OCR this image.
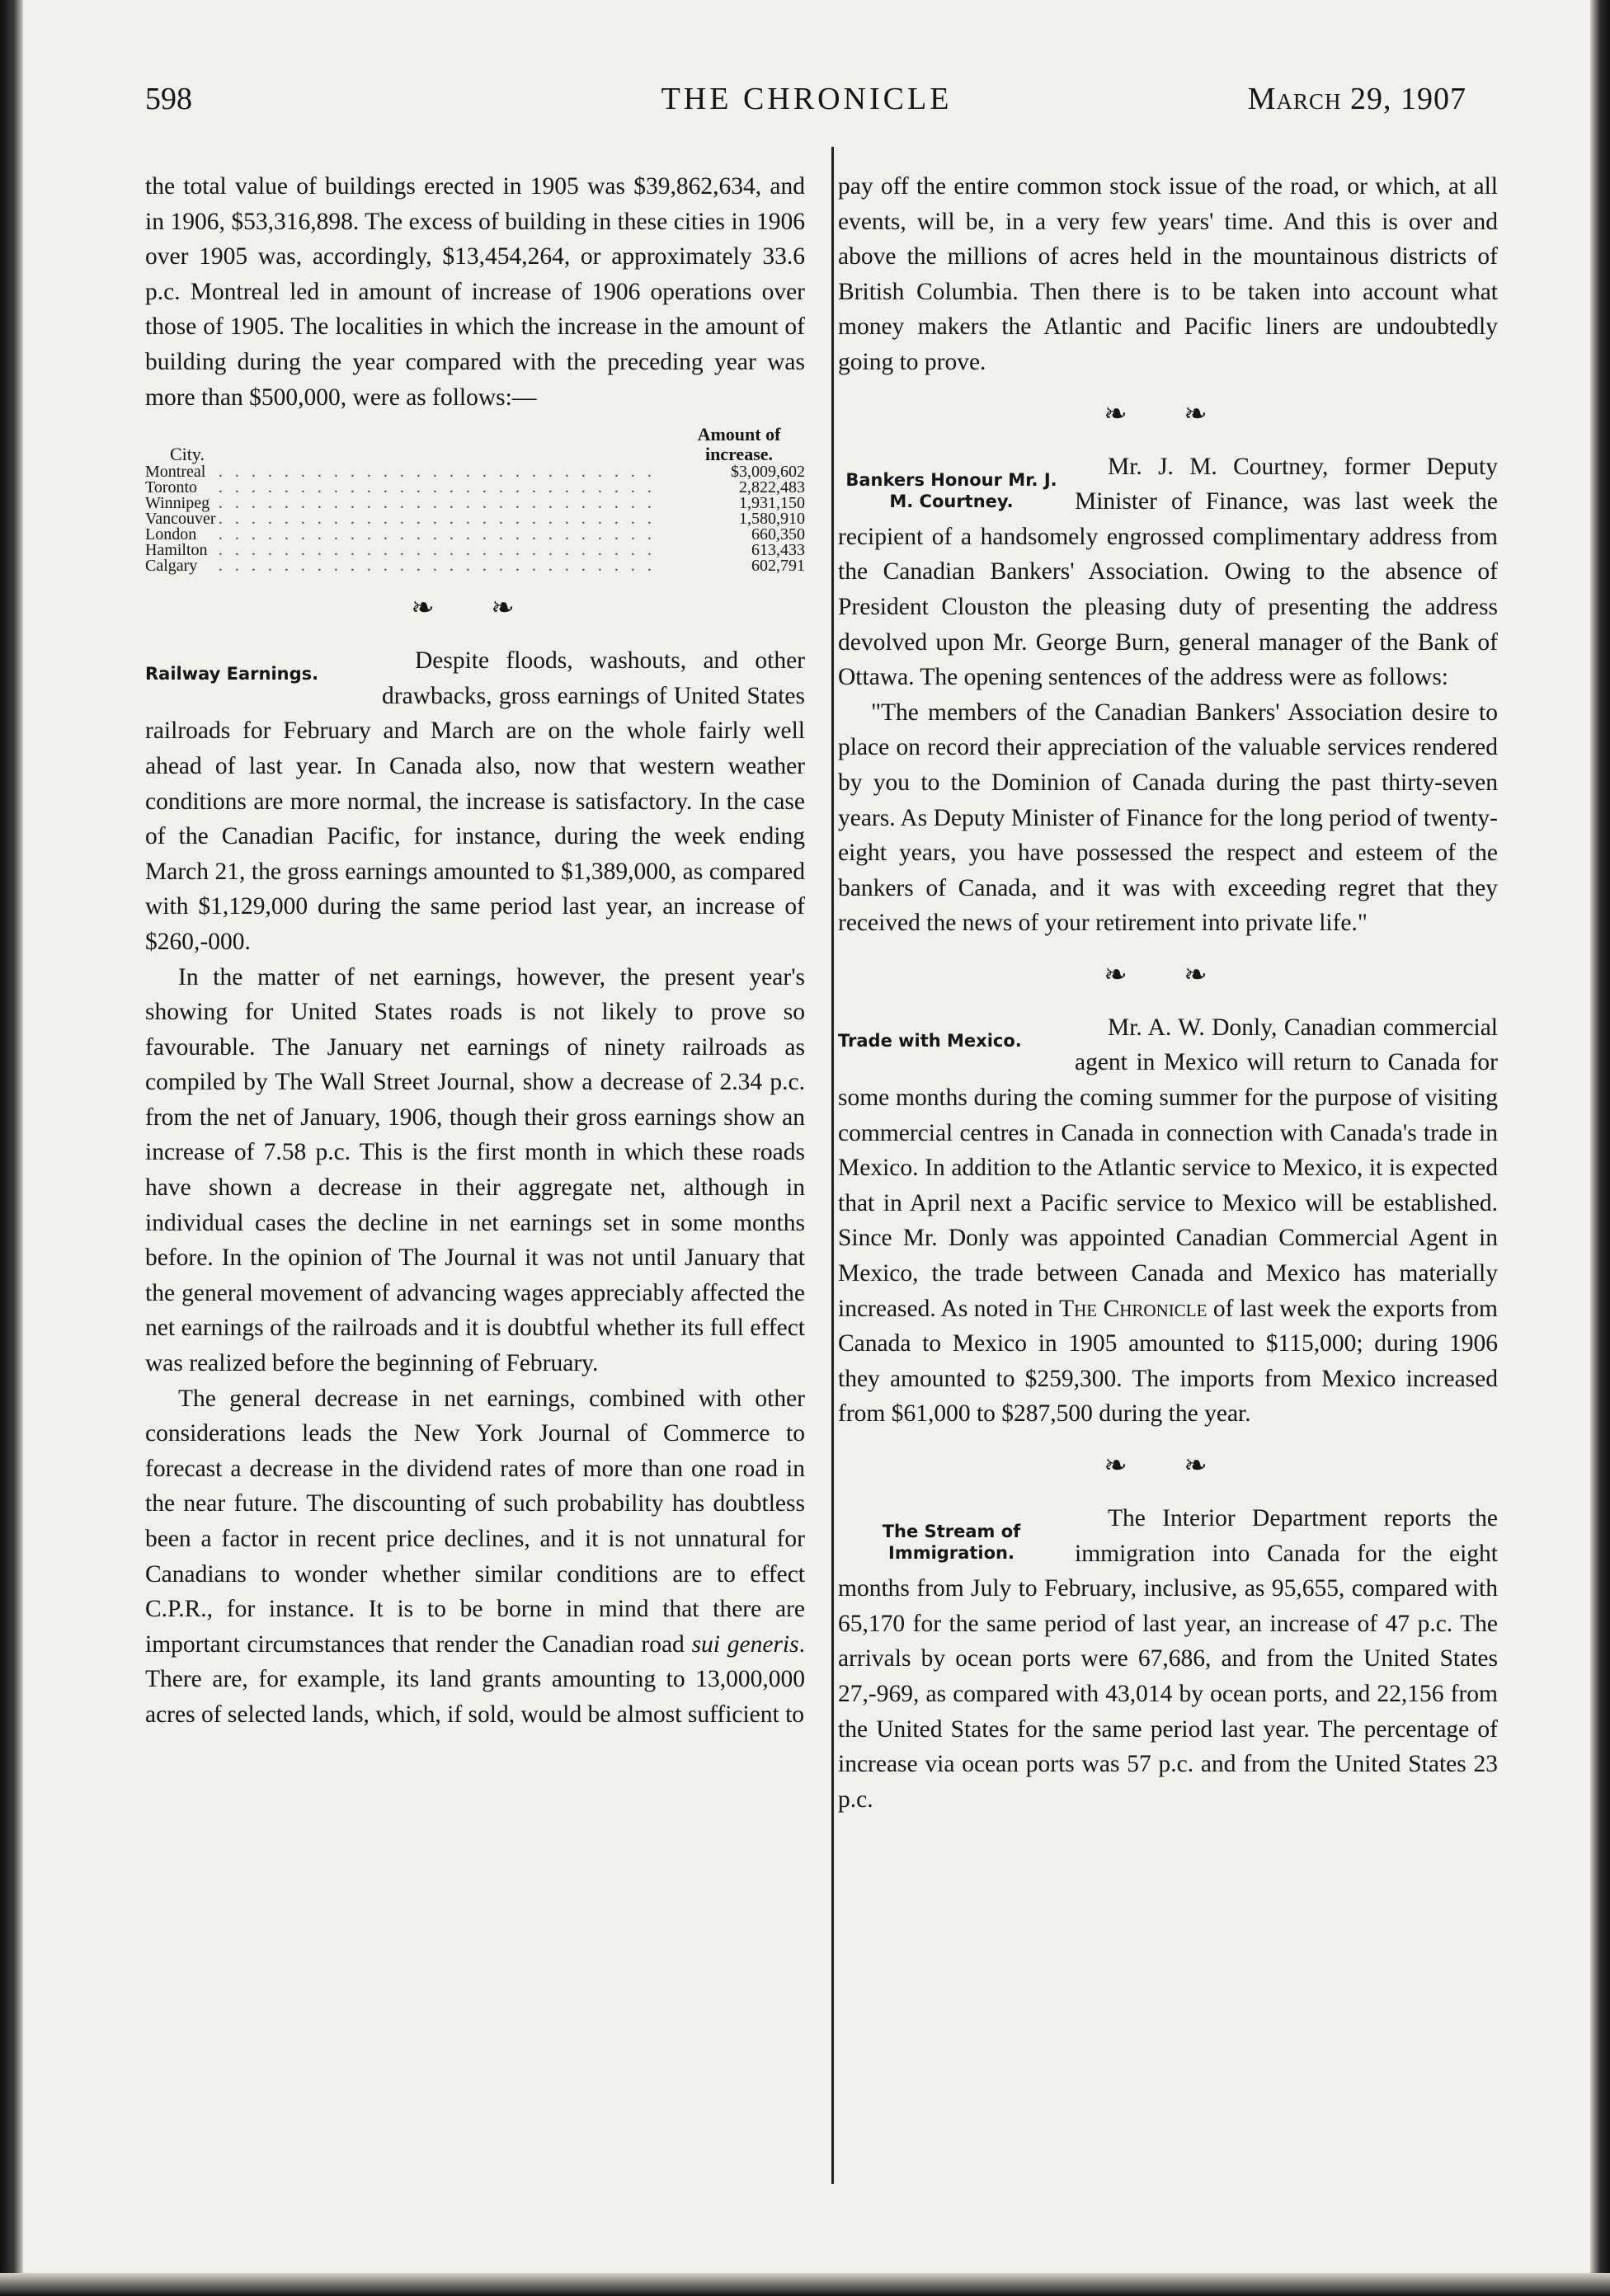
THE CHRONICLE
598	March 29, 1907

the total value of buildings erected in 1905 was $39,862,634, and in 1906, $53,316,898. The excess of building in these cities in 1906 over 1905 was, accordingly, $13,454,264, or approximately 33.6 p.c. Montreal led in amount of increase of 1906 operations over those of 1905. The localities in which the increase in the amount of building during the year compared with the preceding year was more than $500,000, were as follows:—

City.		Amount of increase.
Montreal	. . . . . . . . . . . . . . . . . . . . . . . . . . .	$3,009,602
Toronto	. . . . . . . . . . . . . . . . . . . . . . . . . . .	2,822,483
Winnipeg	. . . . . . . . . . . . . . . . . . . . . . . . . . .	1,931,150
Vancouver	. . . . . . . . . . . . . . . . . . . . . . . . . . .	1,580,910
London	. . . . . . . . . . . . . . . . . . . . . . . . . . .	660,350
Hamilton	. . . . . . . . . . . . . . . . . . . . . . . . . . .	613,433
Calgary	. . . . . . . . . . . . . . . . . . . . . . . . . . .	602,791
❧ ❧
Railway Earnings.	Despite floods, washouts, and other drawbacks, gross earnings of United States railroads for February and March are on the whole fairly well ahead of last year. In Canada also, now that western weather conditions are more normal, the increase is satisfactory. In the case of the Canadian Pacific, for instance, during the week ending March 21, the gross earnings amounted to $1,389,000, as compared with $1,129,000 during the same period last year, an increase of $260,-000.

In the matter of net earnings, however, the present year's showing for United States roads is not likely to prove so favourable. The January net earnings of ninety railroads as compiled by The Wall Street Journal, show a decrease of 2.34 p.c. from the net of January, 1906, though their gross earnings show an increase of 7.58 p.c. This is the first month in which these roads have shown a decrease in their aggregate net, although in individual cases the decline in net earnings set in some months before. In the opinion of The Journal it was not until January that the general movement of advancing wages appreciably affected the net earnings of the railroads and it is doubtful whether its full effect was realized before the beginning of February.

The general decrease in net earnings, combined with other considerations leads the New York Journal of Commerce to forecast a decrease in the dividend rates of more than one road in the near future. The discounting of such probability has doubtless been a factor in recent price declines, and it is not unnatural for Canadians to wonder whether similar conditions are to effect C.P.R., for instance. It is to be borne in mind that there are important circumstances that render the Canadian road sui generis. There are, for example, its land grants amounting to 13,000,000 acres of selected lands, which, if sold, would be almost sufficient to

pay off the entire common stock issue of the road, or which, at all events, will be, in a very few years' time. And this is over and above the millions of acres held in the mountainous districts of British Columbia. Then there is to be taken into account what money makers the Atlantic and Pacific liners are undoubtedly going to prove.

❧ ❧
Bankers Honour Mr. J. M. Courtney.

Mr. J. M. Courtney, former Deputy Minister of Finance, was last week the recipient of a handsomely engrossed complimentary address from the Canadian Bankers' Association. Owing to the absence of President Clouston the pleasing duty of presenting the address devolved upon Mr. George Burn, general manager of the Bank of Ottawa. The opening sentences of the address were as follows:

"The members of the Canadian Bankers' Association desire to place on record their appreciation of the valuable services rendered by you to the Dominion of Canada during the past thirty-seven years. As Deputy Minister of Finance for the long period of twenty-eight years, you have possessed the respect and esteem of the bankers of Canada, and it was with exceeding regret that they received the news of your retirement into private life."

❧ ❧
Trade with Mexico.	Mr. A. W. Donly, Canadian commercial agent in Mexico will return to Canada for some months during the coming summer for the purpose of visiting commercial centres in Canada in connection with Canada's trade in Mexico. In addition to the Atlantic service to Mexico, it is expected that in April next a Pacific service to Mexico will be established. Since Mr. Donly was appointed Canadian Commercial Agent in Mexico, the trade between Canada and Mexico has materially increased. As noted in The Chronicle of last week the exports from Canada to Mexico in 1905 amounted to $115,000; during 1906 they amounted to $259,300. The imports from Mexico increased from $61,000 to $287,500 during the year.

❧ ❧
The Stream of Immigration.

The Interior Department reports the immigration into Canada for the eight months from July to February, inclusive, as 95,655, compared with 65,170 for the same period of last year, an increase of 47 p.c. The arrivals by ocean ports were 67,686, and from the United States 27,-969, as compared with 43,014 by ocean ports, and 22,156 from the United States for the same period last year. The percentage of increase via ocean ports was 57 p.c. and from the United States 23 p.c.
